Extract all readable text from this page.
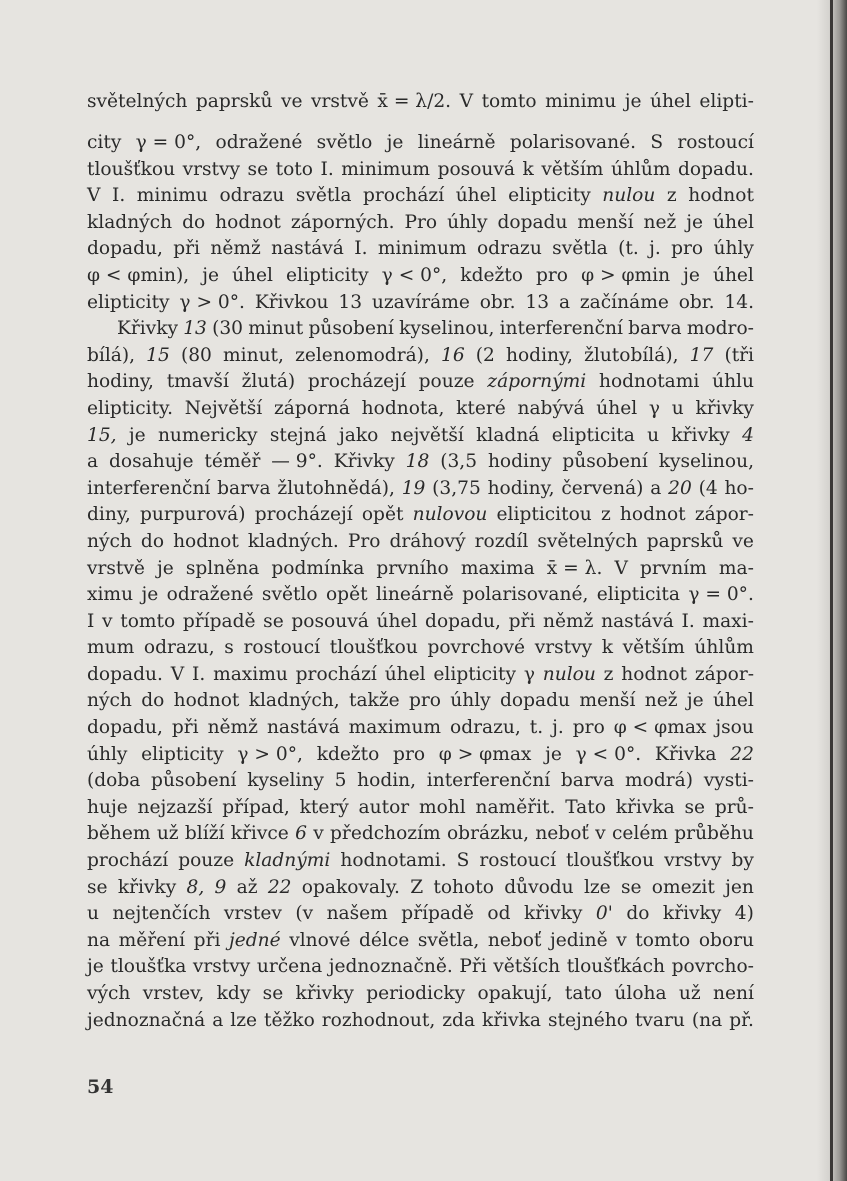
světelných paprsků ve vrstvě x̄ = λ/2. V tomto minimu je úhel elipti-
city γ = 0°, odražené světlo je lineárně polarisované. S rostoucí
tloušťkou vrstvy se toto I. minimum posouvá k větším úhlům dopadu.
V I. minimu odrazu světla prochází úhel elipticity nulou z hodnot
kladných do hodnot záporných. Pro úhly dopadu menší než je úhel
dopadu, při němž nastává I. minimum odrazu světla (t. j. pro úhly
φ < φmin), je úhel elipticity γ < 0°, kdežto pro φ > φmin je úhel
elipticity γ > 0°. Křivkou 13 uzavíráme obr. 13 a začínáme obr. 14.
Křivky 13 (30 minut působení kyselinou, interferenční barva modro-
bílá), 15 (80 minut, zelenomodrá), 16 (2 hodiny, žlutobílá), 17 (tři
hodiny, tmavší žlutá) procházejí pouze zápornými hodnotami úhlu
elipticity. Největší záporná hodnota, které nabývá úhel γ u křivky
15, je numericky stejná jako největší kladná elipticita u křivky 4
a dosahuje téměř — 9°. Křivky 18 (3,5 hodiny působení kyselinou,
interferenční barva žlutohnědá), 19 (3,75 hodiny, červená) a 20 (4 ho-
diny, purpurová) procházejí opět nulovou elipticitou z hodnot zápor-
ných do hodnot kladných. Pro dráhový rozdíl světelných paprsků ve
vrstvě je splněna podmínka prvního maxima x̄ = λ. V prvním ma-
ximu je odražené světlo opět lineárně polarisované, elipticita γ = 0°.
I v tomto případě se posouvá úhel dopadu, při němž nastává I. maxi-
mum odrazu, s rostoucí tloušťkou povrchové vrstvy k větším úhlům
dopadu. V I. maximu prochází úhel elipticity γ nulou z hodnot zápor-
ných do hodnot kladných, takže pro úhly dopadu menší než je úhel
dopadu, při němž nastává maximum odrazu, t. j. pro φ < φmax jsou
úhly elipticity γ > 0°, kdežto pro φ > φmax je γ < 0°. Křivka 22
(doba působení kyseliny 5 hodin, interferenční barva modrá) vysti-
huje nejzazší případ, který autor mohl naměřit. Tato křivka se prů-
během už blíží křivce 6 v předchozím obrázku, neboť v celém průběhu
prochází pouze kladnými hodnotami. S rostoucí tloušťkou vrstvy by
se křivky 8, 9 až 22 opakovaly. Z tohoto důvodu lze se omezit jen
u nejtenčích vrstev (v našem případě od křivky 0' do křivky 4)
na měření při jedné vlnové délce světla, neboť jedině v tomto oboru
je tloušťka vrstvy určena jednoznačně. Při větších tloušťkách povrcho-
vých vrstev, kdy se křivky periodicky opakují, tato úloha už není
jednoznačná a lze těžko rozhodnout, zda křivka stejného tvaru (na př.
54
